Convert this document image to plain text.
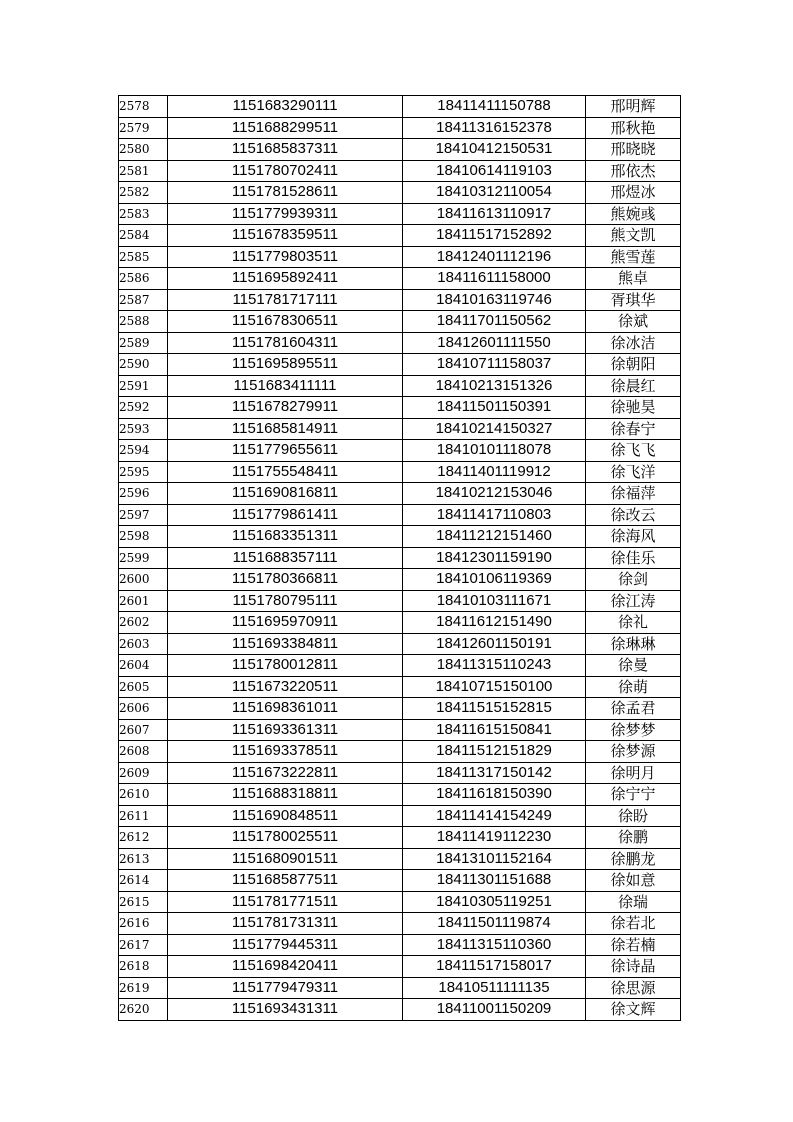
2578	1151683290111	18411411150788	邢明辉
2579	1151688299511	18411316152378	邢秋艳
2580	1151685837311	18410412150531	邢晓晓
2581	1151780702411	18410614119103	邢依杰
2582	1151781528611	18410312110054	邢煜冰
2583	1151779939311	18411613110917	熊婉彧
2584	1151678359511	18411517152892	熊文凯
2585	1151779803511	18412401112196	熊雪莲
2586	1151695892411	18411611158000	熊卓
2587	1151781717111	18410163119746	胥琪华
2588	1151678306511	18411701150562	徐斌
2589	1151781604311	18412601111550	徐冰洁
2590	1151695895511	18410711158037	徐朝阳
2591	1151683411111	18410213151326	徐晨红
2592	1151678279911	18411501150391	徐驰昊
2593	1151685814911	18410214150327	徐春宁
2594	1151779655611	18410101118078	徐飞飞
2595	1151755548411	18411401119912	徐飞洋
2596	1151690816811	18410212153046	徐福萍
2597	1151779861411	18411417110803	徐改云
2598	1151683351311	18411212151460	徐海风
2599	1151688357111	18412301159190	徐佳乐
2600	1151780366811	18410106119369	徐剑
2601	1151780795111	18410103111671	徐江涛
2602	1151695970911	18411612151490	徐礼
2603	1151693384811	18412601150191	徐琳琳
2604	1151780012811	18411315110243	徐曼
2605	1151673220511	18410715150100	徐萌
2606	1151698361011	18411515152815	徐孟君
2607	1151693361311	18411615150841	徐梦梦
2608	1151693378511	18411512151829	徐梦源
2609	1151673222811	18411317150142	徐明月
2610	1151688318811	18411618150390	徐宁宁
2611	1151690848511	18411414154249	徐盼
2612	1151780025511	18411419112230	徐鹏
2613	1151680901511	18413101152164	徐鹏龙
2614	1151685877511	18411301151688	徐如意
2615	1151781771511	18410305119251	徐瑞
2616	1151781731311	18411501119874	徐若北
2617	1151779445311	18411315110360	徐若楠
2618	1151698420411	18411517158017	徐诗晶
2619	1151779479311	18410511111135	徐思源
2620	1151693431311	18411001150209	徐文辉
